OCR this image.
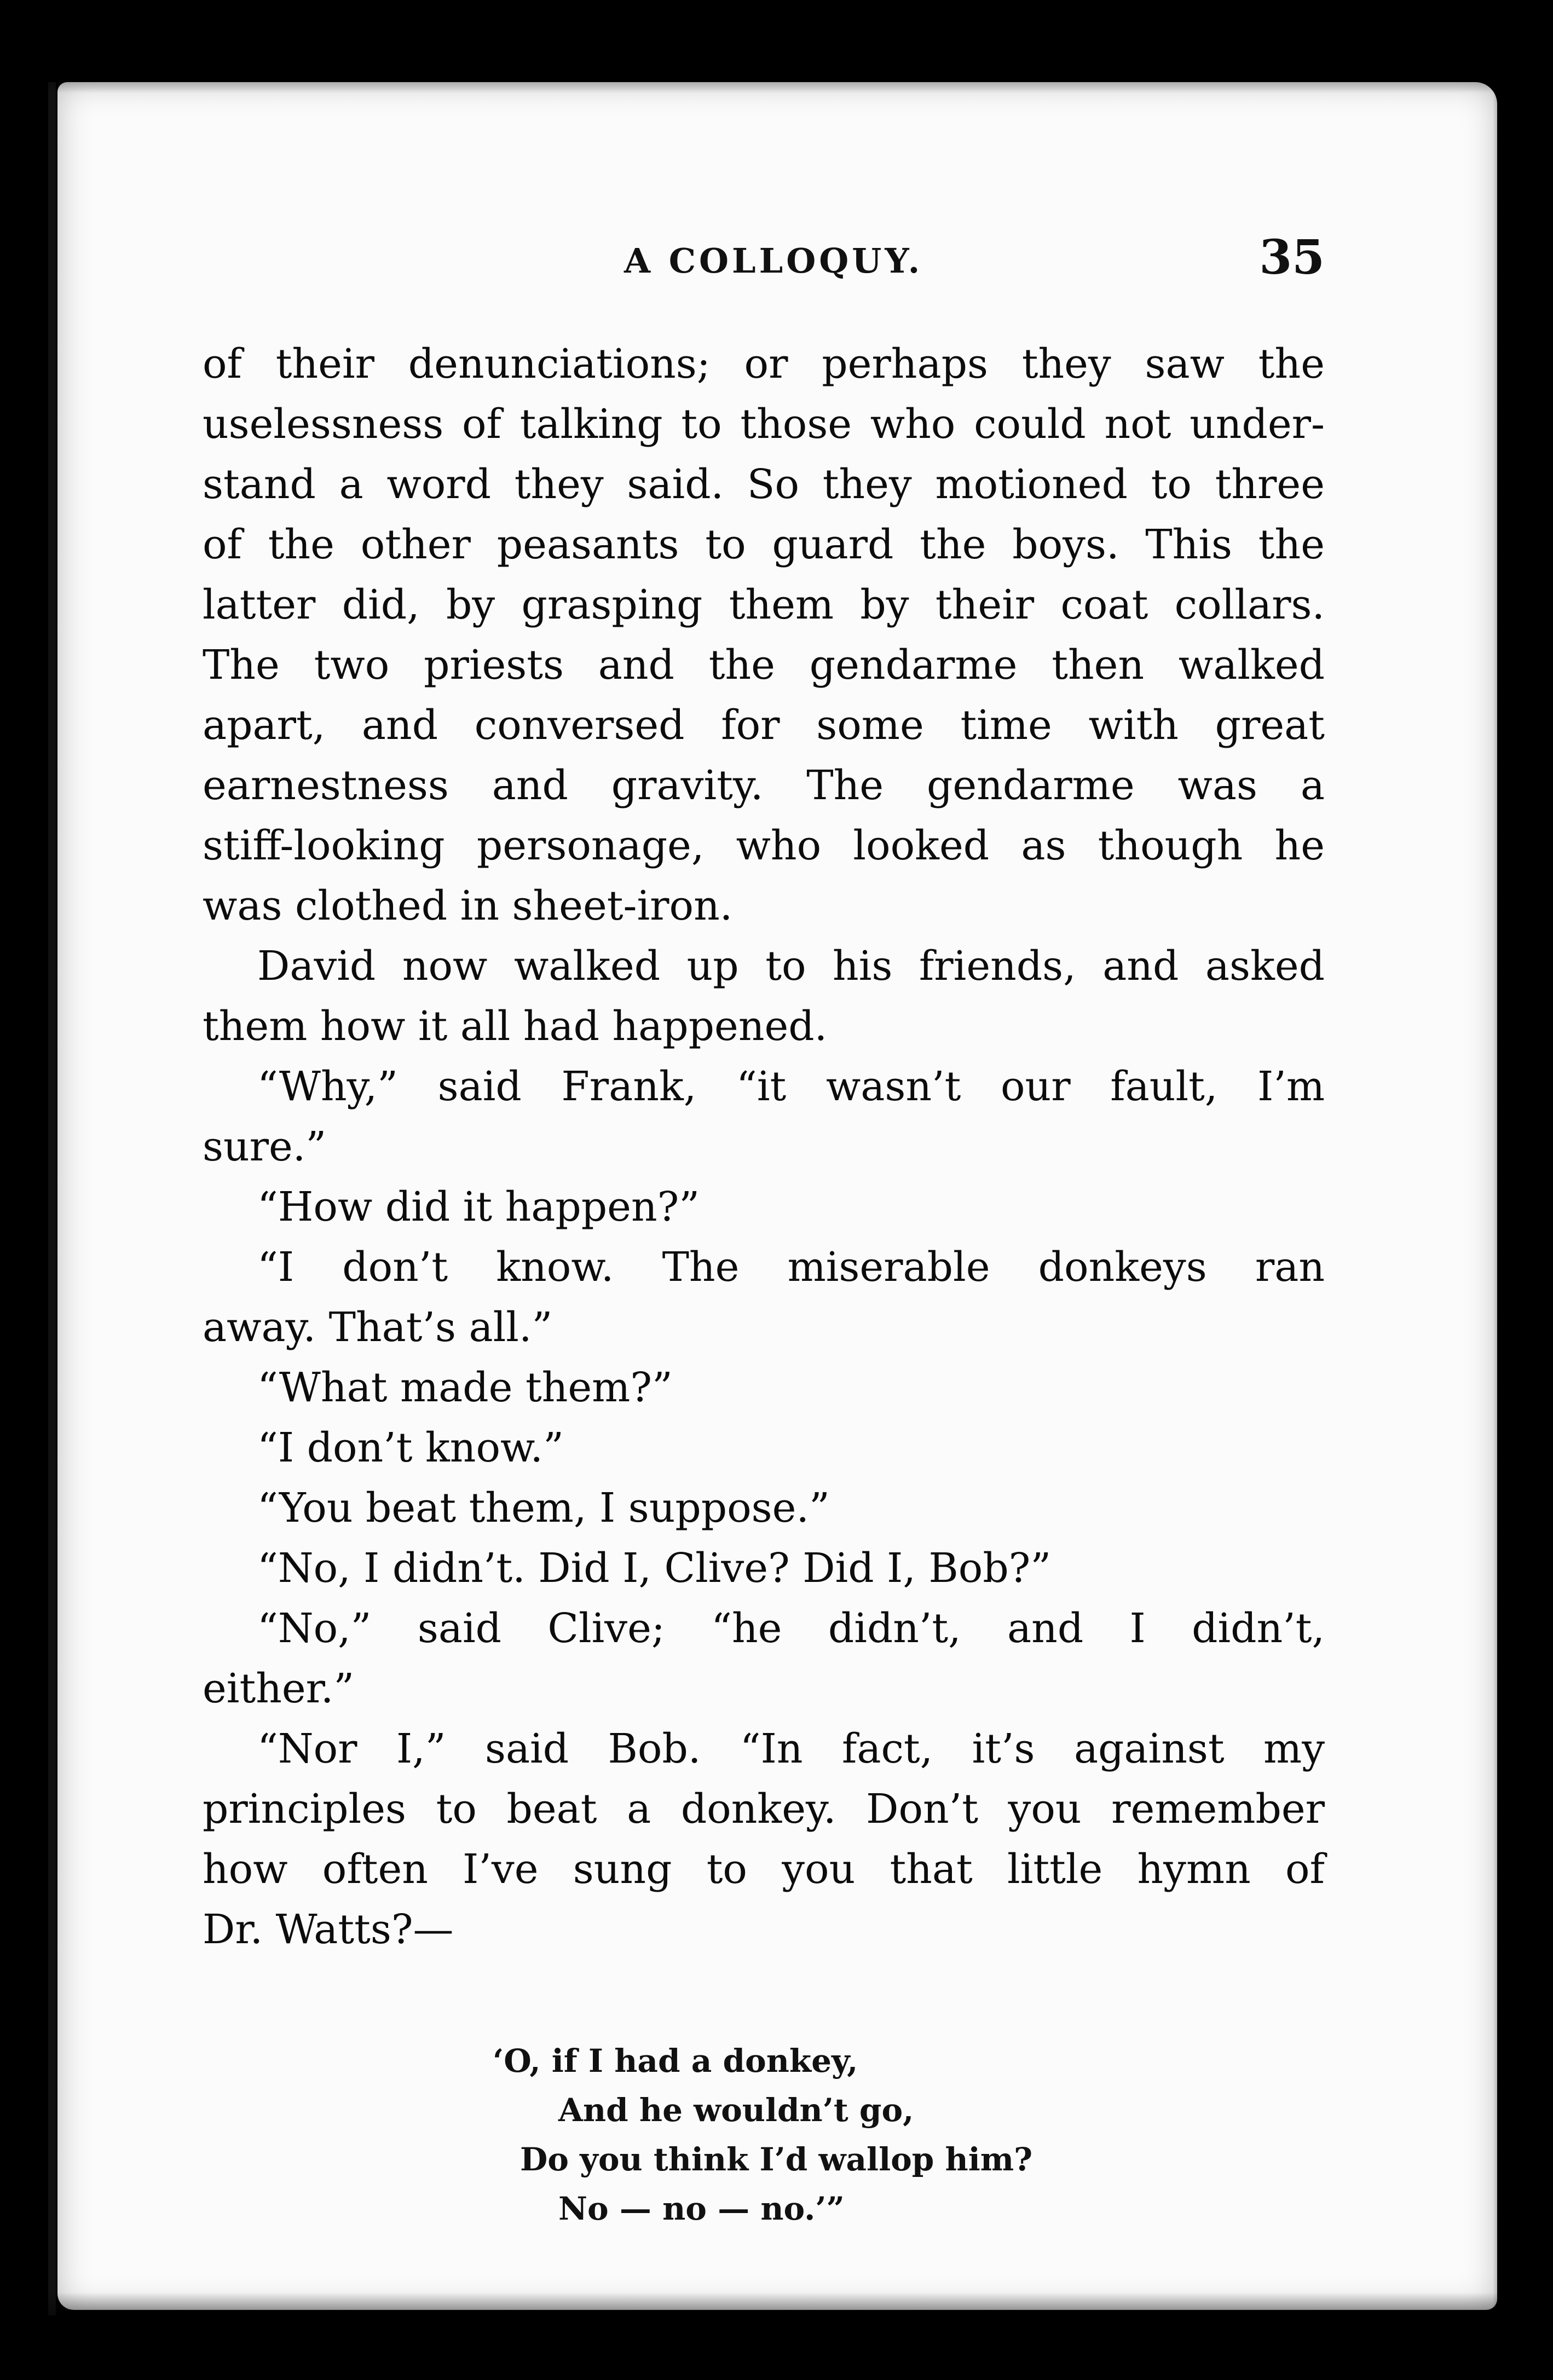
A COLLOQUY.	35
of their denunciations; or perhaps they saw the
uselessness of talking to those who could not under-
stand a word they said. So they motioned to three
of the other peasants to guard the boys. This the
latter did, by grasping them by their coat collars.
The two priests and the gendarme then walked
apart, and conversed for some time with great
earnestness and gravity. The gendarme was a
stiff-looking personage, who looked as though he
was clothed in sheet-iron.
David now walked up to his friends, and asked
them how it all had happened.
“Why,” said Frank, “it wasn’t our fault, I’m
sure.”
“How did it happen?”
“I don’t know. The miserable donkeys ran
away. That’s all.”
“What made them?”
“I don’t know.”
“You beat them, I suppose.”
“No, I didn’t. Did I, Clive? Did I, Bob?”
“No,” said Clive; “he didn’t, and I didn’t,
either.”
“Nor I,” said Bob. “In fact, it’s against my
principles to beat a donkey. Don’t you remember
how often I’ve sung to you that little hymn of
Dr. Watts?—
‘O, if I had a donkey,
And he wouldn’t go,
Do you think I’d wallop him?
No — no — no.’”
